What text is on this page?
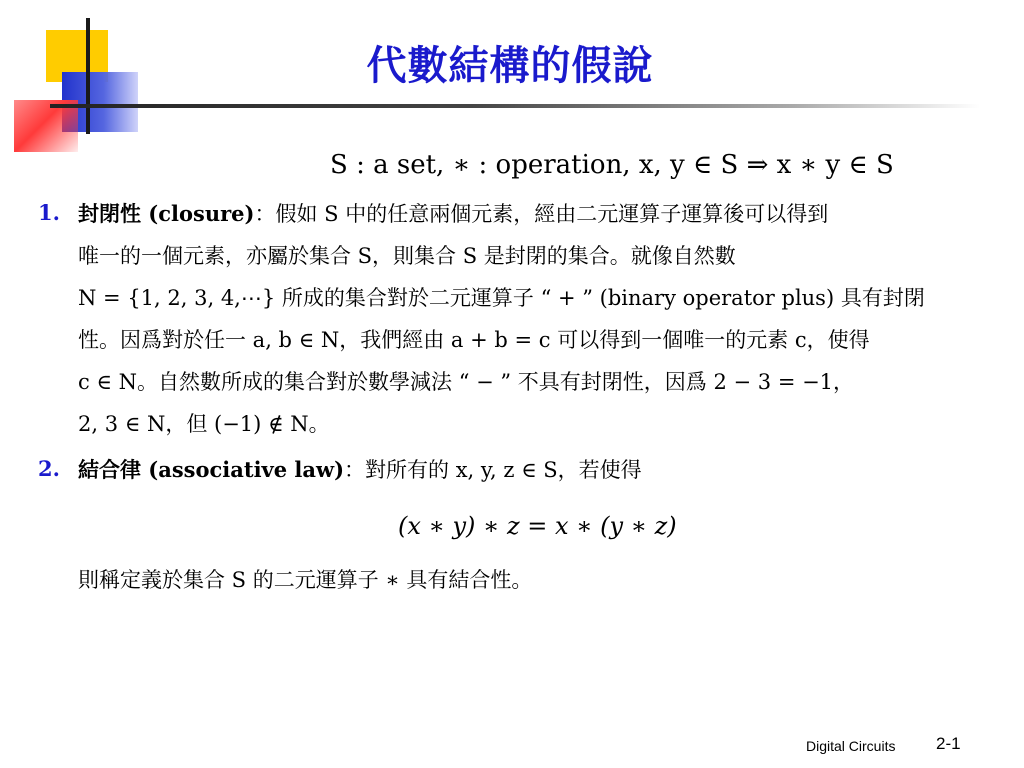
代數結構的假說
S : a set, ∗ : operation, x, y ∈ S ⇒ x ∗ y ∈ S
1. 封閉性 (closure)：假如 S 中的任意兩個元素，經由二元運算子運算後可以得到
唯一的一個元素，亦屬於集合 S，則集合 S 是封閉的集合。就像自然數
N = {1, 2, 3, 4,⋯} 所成的集合對於二元運算子 “ + ” (binary operator plus) 具有封閉
性。因爲對於任一 a, b ∈ N，我們經由 a + b = c 可以得到一個唯一的元素 c，使得
c ∈ N。自然數所成的集合對於數學減法 “ − ” 不具有封閉性，因爲 2 − 3 = −1，
2, 3 ∈ N，但 (−1) ∉ N。
2. 結合律 (associative law)：對所有的 x, y, z ∈ S，若使得
(x ∗ y) ∗ z = x ∗ (y ∗ z)
則稱定義於集合 S 的二元運算子 ∗ 具有結合性。
Digital Circuits 2-1
